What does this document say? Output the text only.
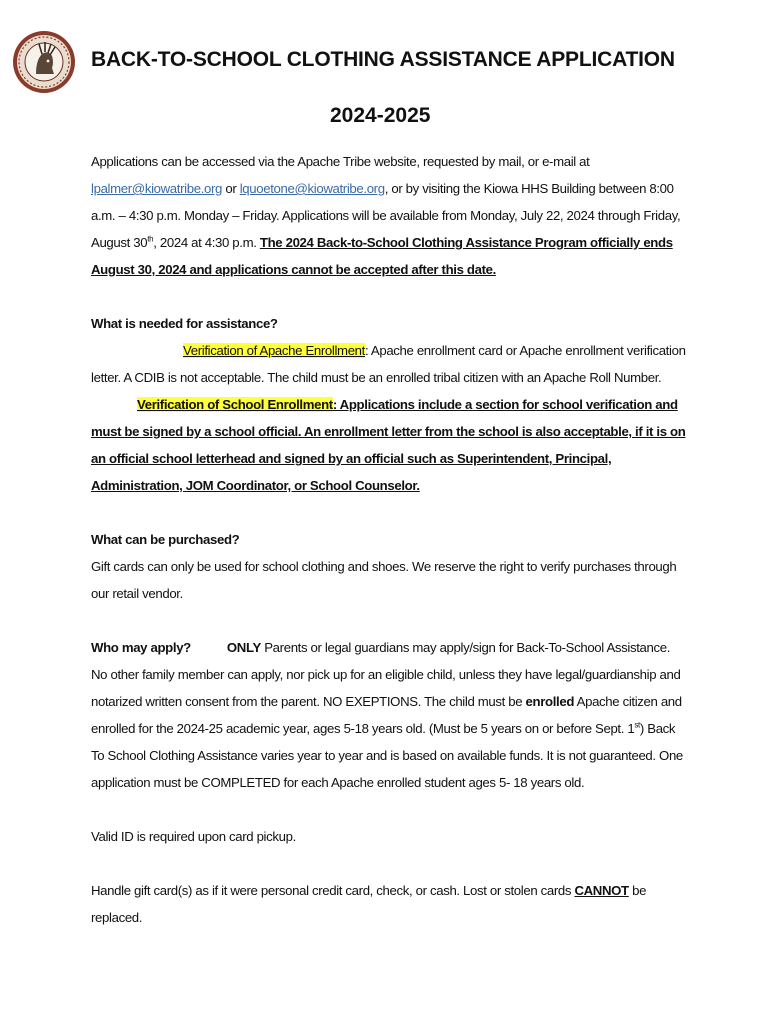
BACK-TO-SCHOOL CLOTHING ASSISTANCE APPLICATION
2024-2025

Applications can be accessed via the Apache Tribe website, requested by mail, or e-mail at lpalmer@kiowatribe.org or lquoetone@kiowatribe.org, or by visiting the Kiowa HHS Building between 8:00 a.m. – 4:30 p.m. Monday – Friday. Applications will be available from Monday, July 22, 2024 through Friday, August 30th, 2024 at 4:30 p.m. The 2024 Back-to-School Clothing Assistance Program officially ends August 30, 2024 and applications cannot be accepted after this date.

What is needed for assistance?

Verification of Apache Enrollment: Apache enrollment card or Apache enrollment verification letter. A CDIB is not acceptable. The child must be an enrolled tribal citizen with an Apache Roll Number.

Verification of School Enrollment: Applications include a section for school verification and must be signed by a school official. An enrollment letter from the school is also acceptable, if it is on an official school letterhead and signed by an official such as Superintendent, Principal, Administration, JOM Coordinator, or School Counselor.

What can be purchased?

Gift cards can only be used for school clothing and shoes. We reserve the right to verify purchases through our retail vendor.

Who may apply?	ONLY Parents or legal guardians may apply/sign for Back-To-School Assistance. No other family member can apply, nor pick up for an eligible child, unless they have legal/guardianship and notarized written consent from the parent. NO EXEPTIONS. The child must be enrolled Apache citizen and enrolled for the 2024-25 academic year, ages 5-18 years old. (Must be 5 years on or before Sept. 1st) Back To School Clothing Assistance varies year to year and is based on available funds. It is not guaranteed. One application must be COMPLETED for each Apache enrolled student ages 5- 18 years old.

Valid ID is required upon card pickup.

Handle gift card(s) as if it were personal credit card, check, or cash. Lost or stolen cards CANNOT be replaced.
